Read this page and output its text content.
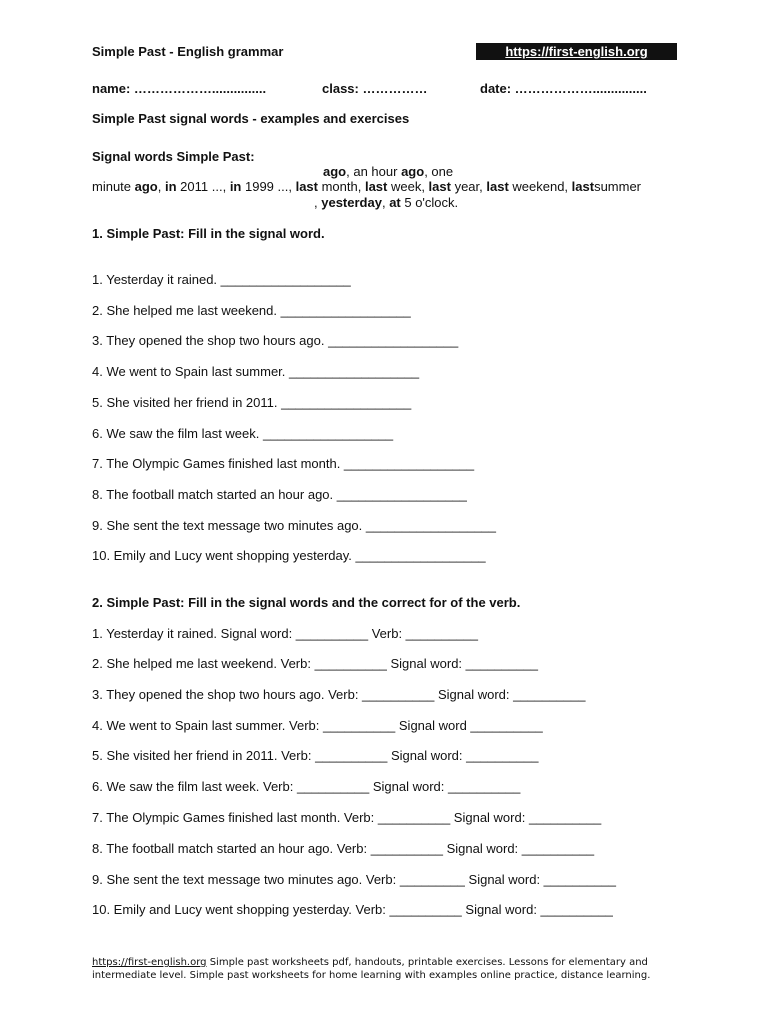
Simple Past - English grammar	https://first-english.org
name: ………………...............	class: ……………	date: ………………...............
Simple Past signal words - examples and exercises
Signal words Simple Past:
ago, an hour ago, one
minute ago, in 2011 ..., in 1999 ..., last month, last week, last year, last weekend, lastsummer
, yesterday, at 5 o'clock.
1. Simple Past: Fill in the signal word.
1. Yesterday it rained. __________________
2. She helped me last weekend. __________________
3. They opened the shop two hours ago. __________________
4. We went to Spain last summer. __________________
5. She visited her friend in 2011. __________________
6. We saw the film last week. __________________
7. The Olympic Games finished last month. __________________
8. The football match started an hour ago. __________________
9. She sent the text message two minutes ago. __________________
10. Emily and Lucy went shopping yesterday. __________________
2. Simple Past: Fill in the signal words and the correct for of the verb.
1. Yesterday it rained. Signal word: __________ Verb: __________
2. She helped me last weekend. Verb: __________ Signal word: __________
3. They opened the shop two hours ago. Verb: __________ Signal word: __________
4. We went to Spain last summer. Verb: __________ Signal word __________
5. She visited her friend in 2011. Verb: __________ Signal word: __________
6. We saw the film last week. Verb: __________ Signal word: __________
7. The Olympic Games finished last month. Verb: __________ Signal word: __________
8. The football match started an hour ago. Verb: __________ Signal word: __________
9. She sent the text message two minutes ago. Verb: _________ Signal word: __________
10. Emily and Lucy went shopping yesterday. Verb: __________ Signal word: __________
https://first-english.org Simple past worksheets pdf, handouts, printable exercises. Lessons for elementary and
intermediate level. Simple past worksheets for home learning with examples online practice, distance learning.
